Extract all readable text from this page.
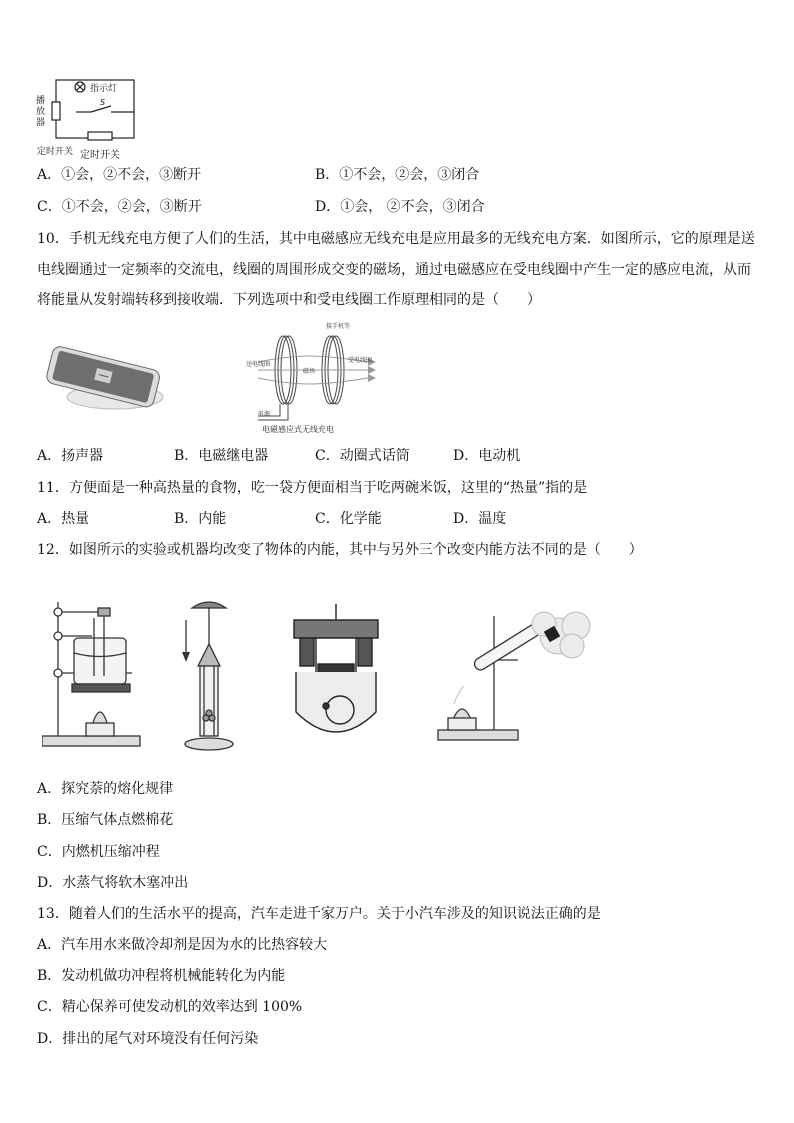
定时开关
指示灯
S
播
放
器
定时开关
A．①会，②不会，③断开	B．①不会，②会，③闭合
C．①不会，②会，③断开	D．①会， ②不会，③闭合
10．手机无线充电方便了人们的生活，其中电磁感应无线充电是应用最多的无线充电方案．如图所示，它的原理是送电线圈通过一定频率的交流电，线圈的周围形成交变的磁场，通过电磁感应在受电线圈中产生一定的感应电流，从而将能量从发射端转移到接收端．下列选项中和受电线圈工作原理相同的是（　　）
送电线圈
受电线圈
接手机等
磁场
电源
电磁感应式无线充电
A．扬声器	B．电磁继电器	C．动圈式话筒	D．电动机
11．方便面是一种高热量的食物，吃一袋方便面相当于吃两碗米饭，这里的“热量”指的是
A．热量	B．内能	C．化学能	D．温度
12．如图所示的实验或机器均改变了物体的内能，其中与另外三个改变内能方法不同的是（　　）
A．探究萘的熔化规律
B．压缩气体点燃棉花
C．内燃机压缩冲程
D．水蒸气将软木塞冲出
13．随着人们的生活水平的提高，汽车走进千家万户。关于小汽车涉及的知识说法正确的是
A．汽车用水来做冷却剂是因为水的比热容较大
B．发动机做功冲程将机械能转化为内能
C．精心保养可使发动机的效率达到 100%
D．排出的尾气对环境没有任何污染
